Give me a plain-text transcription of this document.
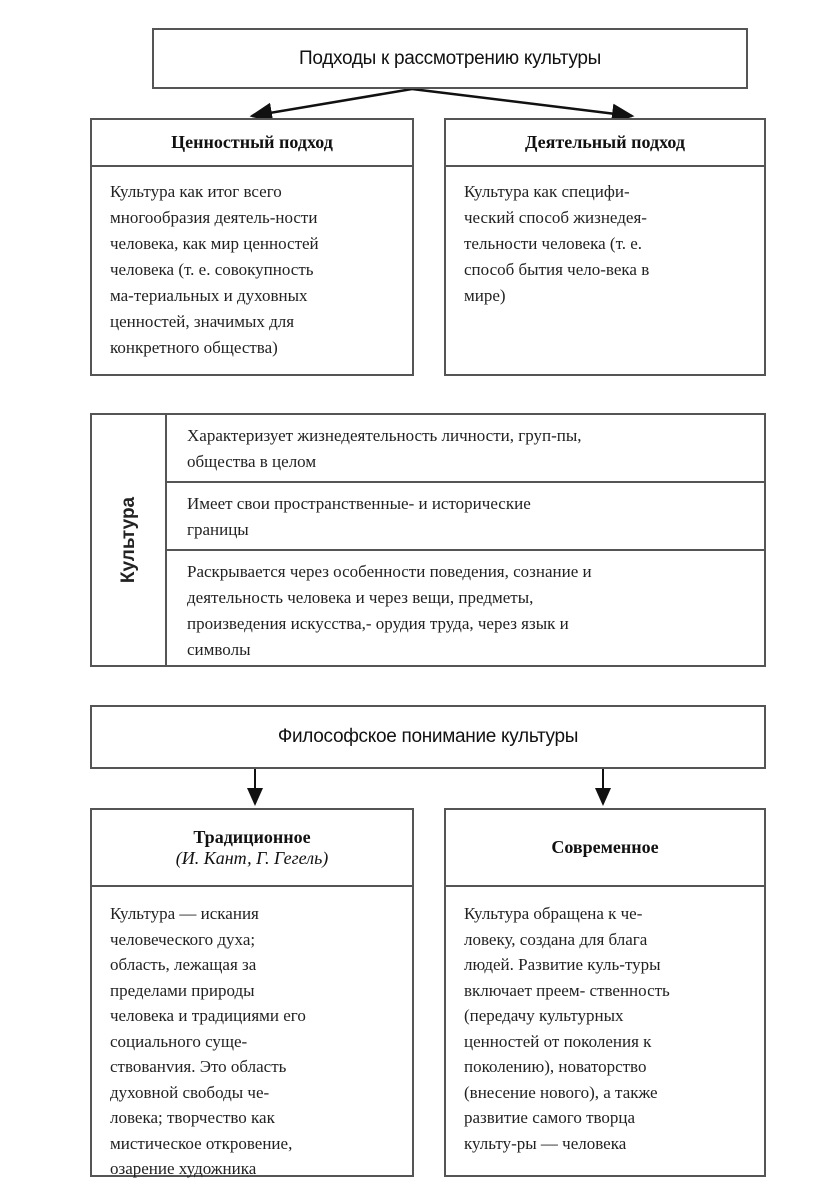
Подходы к рассмотрению культуры
Ценностный подход
Культура как итог всего
многообразия деятель-ности
человека, как мир ценностей
человека (т. е. совокупность
ма-териальных и духовных
ценностей, значимых для
конкретного общества)
Деятельный подход
Культура как специфи-
ческий способ жизнедея-
тельности человека (т. е.
способ бытия чело-века в
мире)
Культура
Характеризует жизнедеятельность личности, груп-пы,
общества в целом
Имеет свои пространственные- и исторические
границы
Раскрывается через особенности поведения, сознание и
деятельность человека и через вещи, предметы,
произведения искусства,- орудия труда, через язык и
символы
Философское понимание культуры
Традиционное
(И. Кант, Г. Гегель)
Культура — искания
человеческого духа;
область, лежащая за
пределами природы
человека и традициями его
социального суще-
ствованvия. Это область
духовной свободы че-
ловека; творчество как
мистическое откровение,
озарение художника
Современное
Культура обращена к че-
ловеку, создана для блага
людей. Развитие куль-туры
включает преем- ственность
(передачу культурных
ценностей от поколения к
поколению), новаторство
(внесение нового), а также
развитие самого творца
культу-ры — человека
